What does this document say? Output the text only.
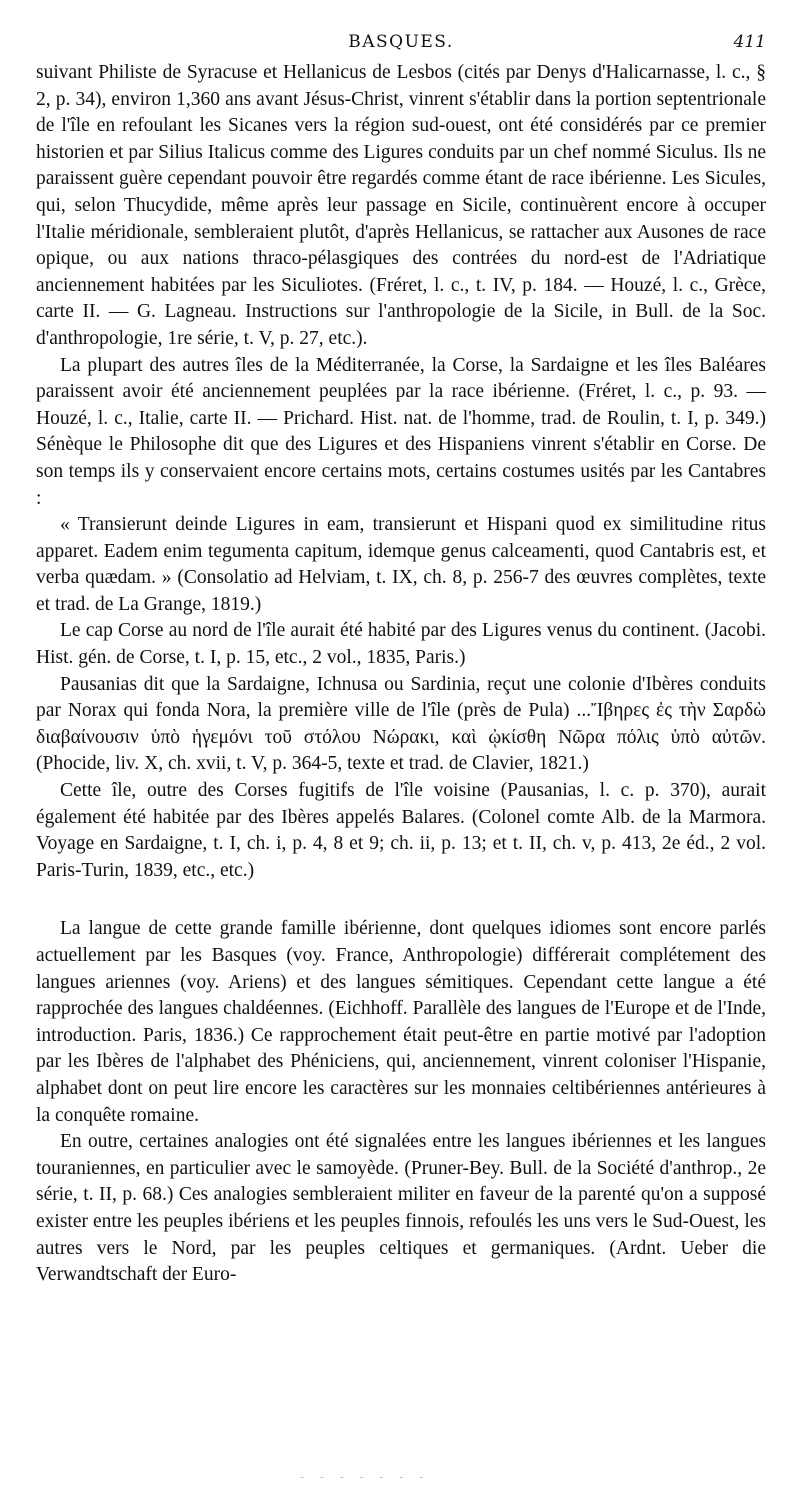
BASQUES.	411

suivant Philiste de Syracuse et Hellanicus de Lesbos (cités par Denys d'Halicarnasse, l. c., § 2, p. 34), environ 1,360 ans avant Jésus-Christ, vinrent s'établir dans la portion septentrionale de l'île en refoulant les Sicanes vers la région sud-ouest, ont été considérés par ce premier historien et par Silius Italicus comme des Ligures conduits par un chef nommé Siculus. Ils ne paraissent guère cependant pouvoir être regardés comme étant de race ibérienne. Les Sicules, qui, selon Thucydide, même après leur passage en Sicile, continuèrent encore à occuper l'Italie méridionale, sembleraient plutôt, d'après Hellanicus, se rattacher aux Ausones de race opique, ou aux nations thraco-pélasgiques des contrées du nord-est de l'Adriatique anciennement habitées par les Siculiotes. (Fréret, l. c., t. IV, p. 184. — Houzé, l. c., Grèce, carte II. — G. Lagneau. Instructions sur l'anthropologie de la Sicile, in Bull. de la Soc. d'anthropologie, 1re série, t. V, p. 27, etc.).

La plupart des autres îles de la Méditerranée, la Corse, la Sardaigne et les îles Baléares paraissent avoir été anciennement peuplées par la race ibérienne. (Fréret, l. c., p. 93. — Houzé, l. c., Italie, carte II. — Prichard. Hist. nat. de l'homme, trad. de Roulin, t. I, p. 349.) Sénèque le Philosophe dit que des Ligures et des Hispaniens vinrent s'établir en Corse. De son temps ils y conservaient encore certains mots, certains costumes usités par les Cantabres :

« Transierunt deinde Ligures in eam, transierunt et Hispani quod ex similitudine ritus apparet. Eadem enim tegumenta capitum, idemque genus calceamenti, quod Cantabris est, et verba quædam. » (Consolatio ad Helviam, t. IX, ch. 8, p. 256-7 des œuvres complètes, texte et trad. de La Grange, 1819.)

Le cap Corse au nord de l'île aurait été habité par des Ligures venus du continent. (Jacobi. Hist. gén. de Corse, t. I, p. 15, etc., 2 vol., 1835, Paris.)

Pausanias dit que la Sardaigne, Ichnusa ou Sardinia, reçut une colonie d'Ibères conduits par Norax qui fonda Nora, la première ville de l'île (près de Pula) ...Ἴβηρες ἐς τὴν Σαρδὼ διαβαίνουσιν ὑπὸ ἡγεμόνι τοῦ στόλου Νώρακι, καὶ ᾠκίσθη Νῶρα πόλις ὑπὸ αὐτῶν. (Phocide, liv. X, ch. xvii, t. V, p. 364-5, texte et trad. de Clavier, 1821.)

Cette île, outre des Corses fugitifs de l'île voisine (Pausanias, l. c. p. 370), aurait également été habitée par des Ibères appelés Balares. (Colonel comte Alb. de la Marmora. Voyage en Sardaigne, t. I, ch. i, p. 4, 8 et 9; ch. ii, p. 13; et t. II, ch. v, p. 413, 2e éd., 2 vol. Paris-Turin, 1839, etc., etc.)

La langue de cette grande famille ibérienne, dont quelques idiomes sont encore parlés actuellement par les Basques (voy. France, Anthropologie) différerait complétement des langues ariennes (voy. Ariens) et des langues sémitiques. Cependant cette langue a été rapprochée des langues chaldéennes. (Eichhoff. Parallèle des langues de l'Europe et de l'Inde, introduction. Paris, 1836.) Ce rapprochement était peut-être en partie motivé par l'adoption par les Ibères de l'alphabet des Phéniciens, qui, anciennement, vinrent coloniser l'Hispanie, alphabet dont on peut lire encore les caractères sur les monnaies celtibériennes antérieures à la conquête romaine.

En outre, certaines analogies ont été signalées entre les langues ibériennes et les langues touraniennes, en particulier avec le samoyède. (Pruner-Bey. Bull. de la Société d'anthrop., 2e série, t. II, p. 68.) Ces analogies sembleraient militer en faveur de la parenté qu'on a supposé exister entre les peuples ibériens et les peuples finnois, refoulés les uns vers le Sud-Ouest, les autres vers le Nord, par les peuples celtiques et germaniques. (Ardnt. Ueber die Verwandtschaft der Euro-

- - - - - - -
